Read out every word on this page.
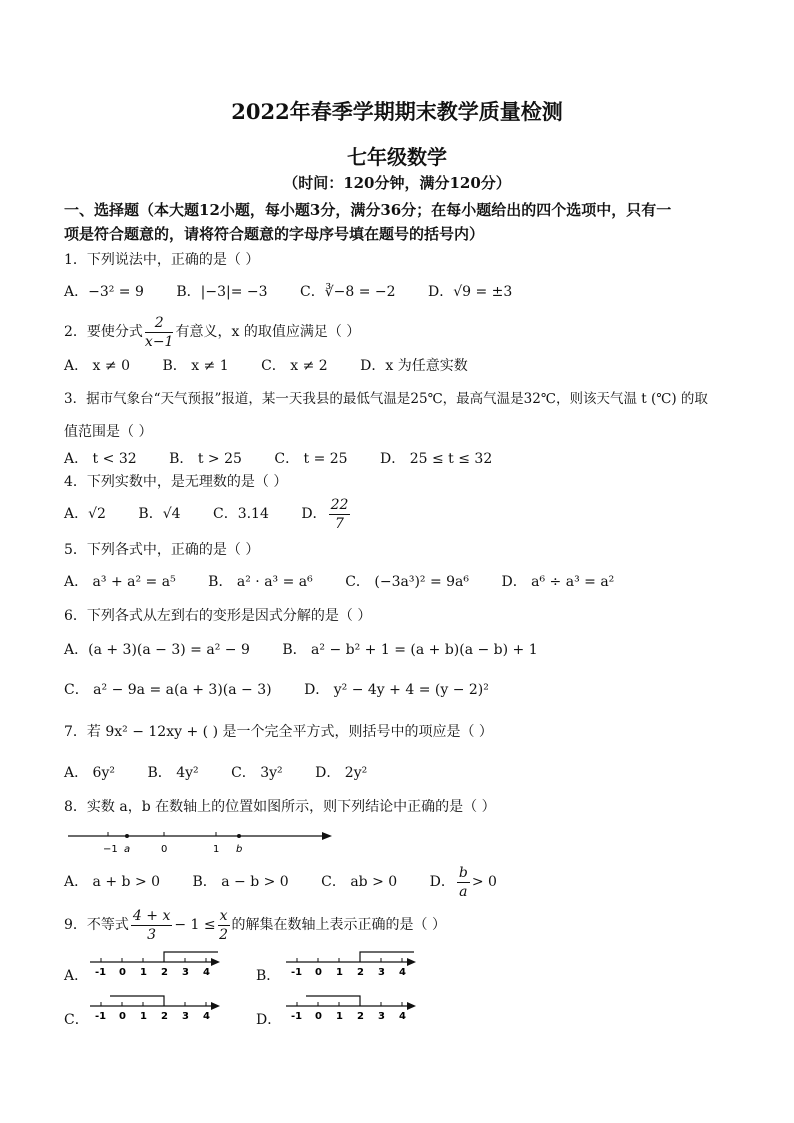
2022年春季学期期末教学质量检测
七年级数学
（时间：120分钟，满分120分）
一、选择题（本大题12小题，每小题3分，满分36分；在每小题给出的四个选项中，只有一
项是符合题意的，请将符合题意的字母序号填在题号的括号内）
1．下列说法中，正确的是（ ）
A．−3² = 9 B．|−3|= −3 C．∛−8 = −2 D．√9 = ±3
2．要使分式 $\frac{2}{x-1}$ 有意义，x 的取值应满足（ ）
A． x ≠ 0 B． x ≠ 1 C． x ≠ 2 D．x 为任意实数
3．据市气象台“天气预报”报道，某一天我县的最低气温是25℃，最高气温是32℃，则该天气温 t (℃) 的取
值范围是（ ）
A． t < 32 B． t > 25 C． t = 25 D． 25 ≤ t ≤ 32
4．下列实数中，是无理数的是（ ）
A．√2 B．√4 C．3.14 D． $\frac{22}{7}$
5．下列各式中，正确的是（ ）
A． a³ + a² = a⁵ B． a² · a³ = a⁶ C． (−3a³)² = 9a⁶ D． a⁶ ÷ a³ = a²
6．下列各式从左到右的变形是因式分解的是（ ）
A．(a + 3)(a − 3) = a² − 9 B． a² − b² + 1 = (a + b)(a − b) + 1
C． a² − 9a = a(a + 3)(a − 3) D． y² − 4y + 4 = (y − 2)²
7．若 9x² − 12xy + ( ) 是一个完全平方式，则括号中的项应是（ ）
A． 6y² B． 4y² C． 3y² D． 2y²
8．实数 a，b 在数轴上的位置如图所示，则下列结论中正确的是（ ）
−1 a	0	1 b
A． a + b > 0 B． a − b > 0 C． ab > 0 D． $\frac{b}{a} > 0$
9．不等式 $\frac{4 + x}{3} - 1 \le \frac{x}{2}$ 的解集在数轴上表示正确的是（ ）
A．	B．
C．	D．
-1 0 1 2 3 4	-1 0 1 2 3 4
-1 0 1 2 3 4	-1 0 1 2 3 4
